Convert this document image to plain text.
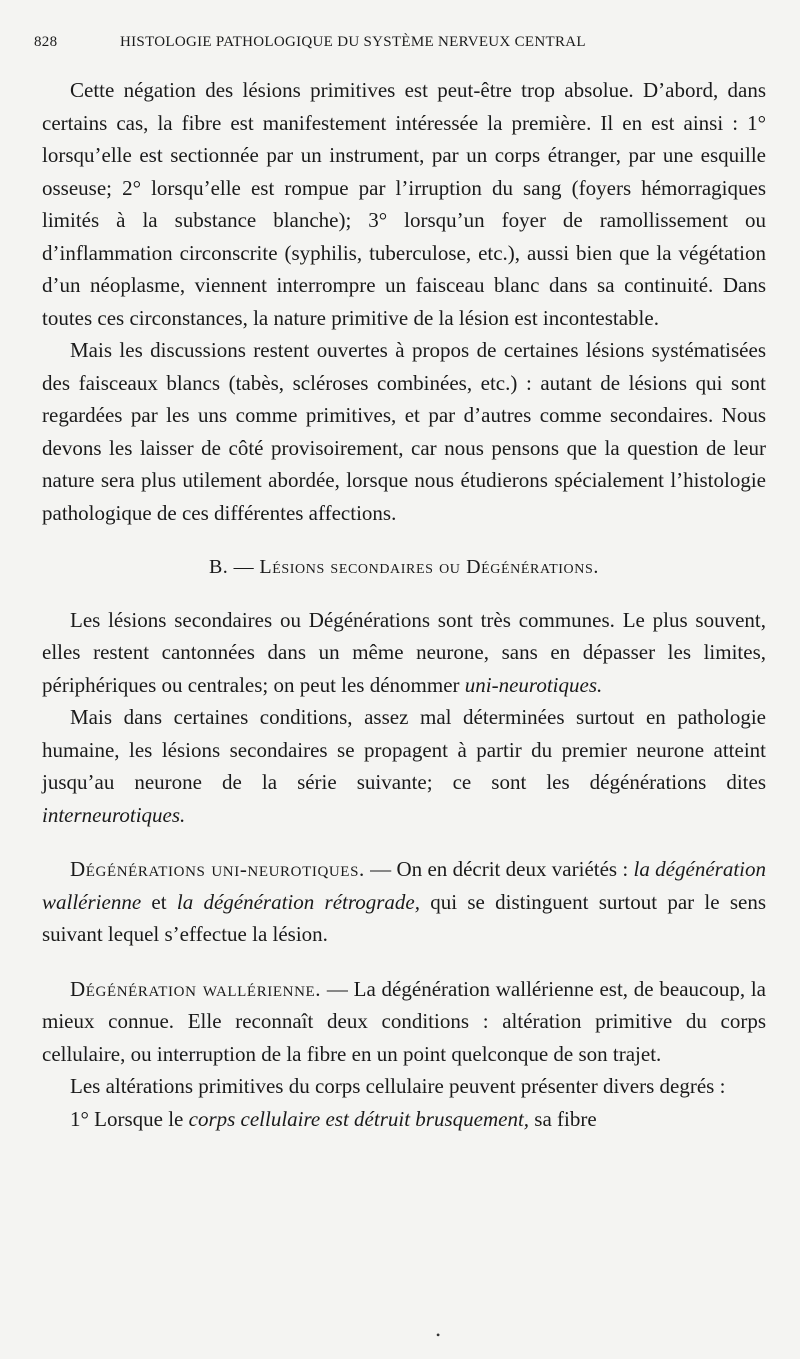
828	HISTOLOGIE PATHOLOGIQUE DU SYSTÈME NERVEUX CENTRAL

Cette négation des lésions primitives est peut-être trop absolue. D’abord, dans certains cas, la fibre est manifestement intéressée la première. Il en est ainsi : 1° lorsqu’elle est sectionnée par un instrument, par un corps étranger, par une esquille osseuse; 2° lorsqu’elle est rompue par l’irruption du sang (foyers hémorragiques limités à la substance blanche); 3° lorsqu’un foyer de ramollissement ou d’inflammation circonscrite (syphilis, tuberculose, etc.), aussi bien que la végétation d’un néoplasme, viennent interrompre un faisceau blanc dans sa continuité. Dans toutes ces circonstances, la nature primitive de la lésion est incontestable.

Mais les discussions restent ouvertes à propos de certaines lésions systématisées des faisceaux blancs (tabès, scléroses combinées, etc.) : autant de lésions qui sont regardées par les uns comme primitives, et par d’autres comme secondaires. Nous devons les laisser de côté provisoirement, car nous pensons que la question de leur nature sera plus utilement abordée, lorsque nous étudierons spécialement l’histologie pathologique de ces différentes affections.

B. — Lésions secondaires ou Dégénérations.

Les lésions secondaires ou Dégénérations sont très communes. Le plus souvent, elles restent cantonnées dans un même neurone, sans en dépasser les limites, périphériques ou centrales; on peut les dénommer uni-neurotiques.

Mais dans certaines conditions, assez mal déterminées surtout en pathologie humaine, les lésions secondaires se propagent à partir du premier neurone atteint jusqu’au neurone de la série suivante; ce sont les dégénérations dites interneurotiques.

Dégénérations uni-neurotiques. — On en décrit deux variétés : la dégénération wallérienne et la dégénération rétrograde, qui se distinguent surtout par le sens suivant lequel s’effectue la lésion.

Dégénération wallérienne. — La dégénération wallérienne est, de beaucoup, la mieux connue. Elle reconnaît deux conditions : altération primitive du corps cellulaire, ou interruption de la fibre en un point quelconque de son trajet.

Les altérations primitives du corps cellulaire peuvent présenter divers degrés :

1° Lorsque le corps cellulaire est détruit brusquement, sa fibre

•
